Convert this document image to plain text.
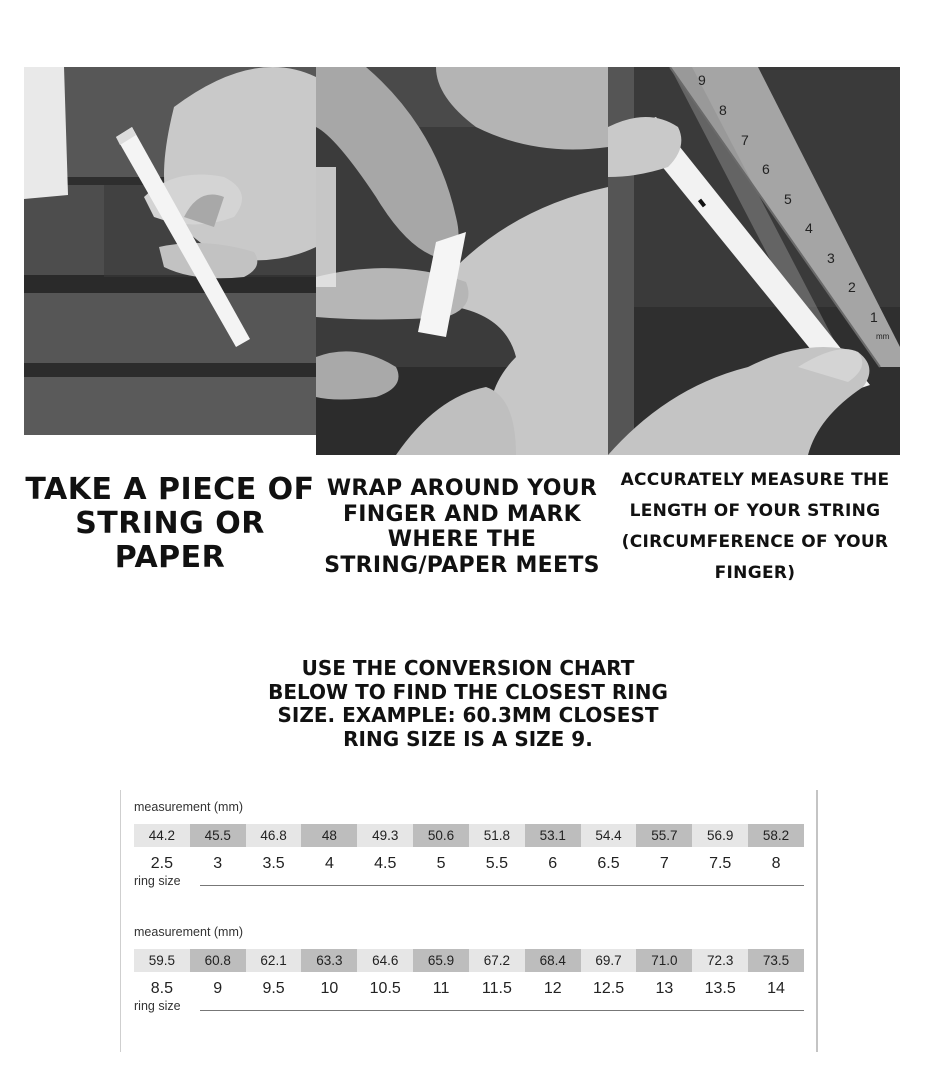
1
2
3
4
5
6
7
8
9
mm

TAKE A PIECE OF STRING OR PAPER

WRAP AROUND YOUR FINGER AND MARK WHERE THE STRING/PAPER MEETS

ACCURATELY MEASURE THE LENGTH OF YOUR STRING (CIRCUMFERENCE OF YOUR FINGER)

USE THE CONVERSION CHART BELOW TO FIND THE CLOSEST RING SIZE. EXAMPLE: 60.3MM CLOSEST RING SIZE IS A SIZE 9.

measurement (mm)
44.2	45.5	46.8	48	49.3	50.6	51.8	53.1	54.4	55.7	56.9	58.2
2.5	3	3.5	4	4.5	5	5.5	6	6.5	7	7.5	8
ring size
measurement (mm)
59.5	60.8	62.1	63.3	64.6	65.9	67.2	68.4	69.7	71.0	72.3	73.5
8.5	9	9.5	10	10.5	11	11.5	12	12.5	13	13.5	14
ring size
